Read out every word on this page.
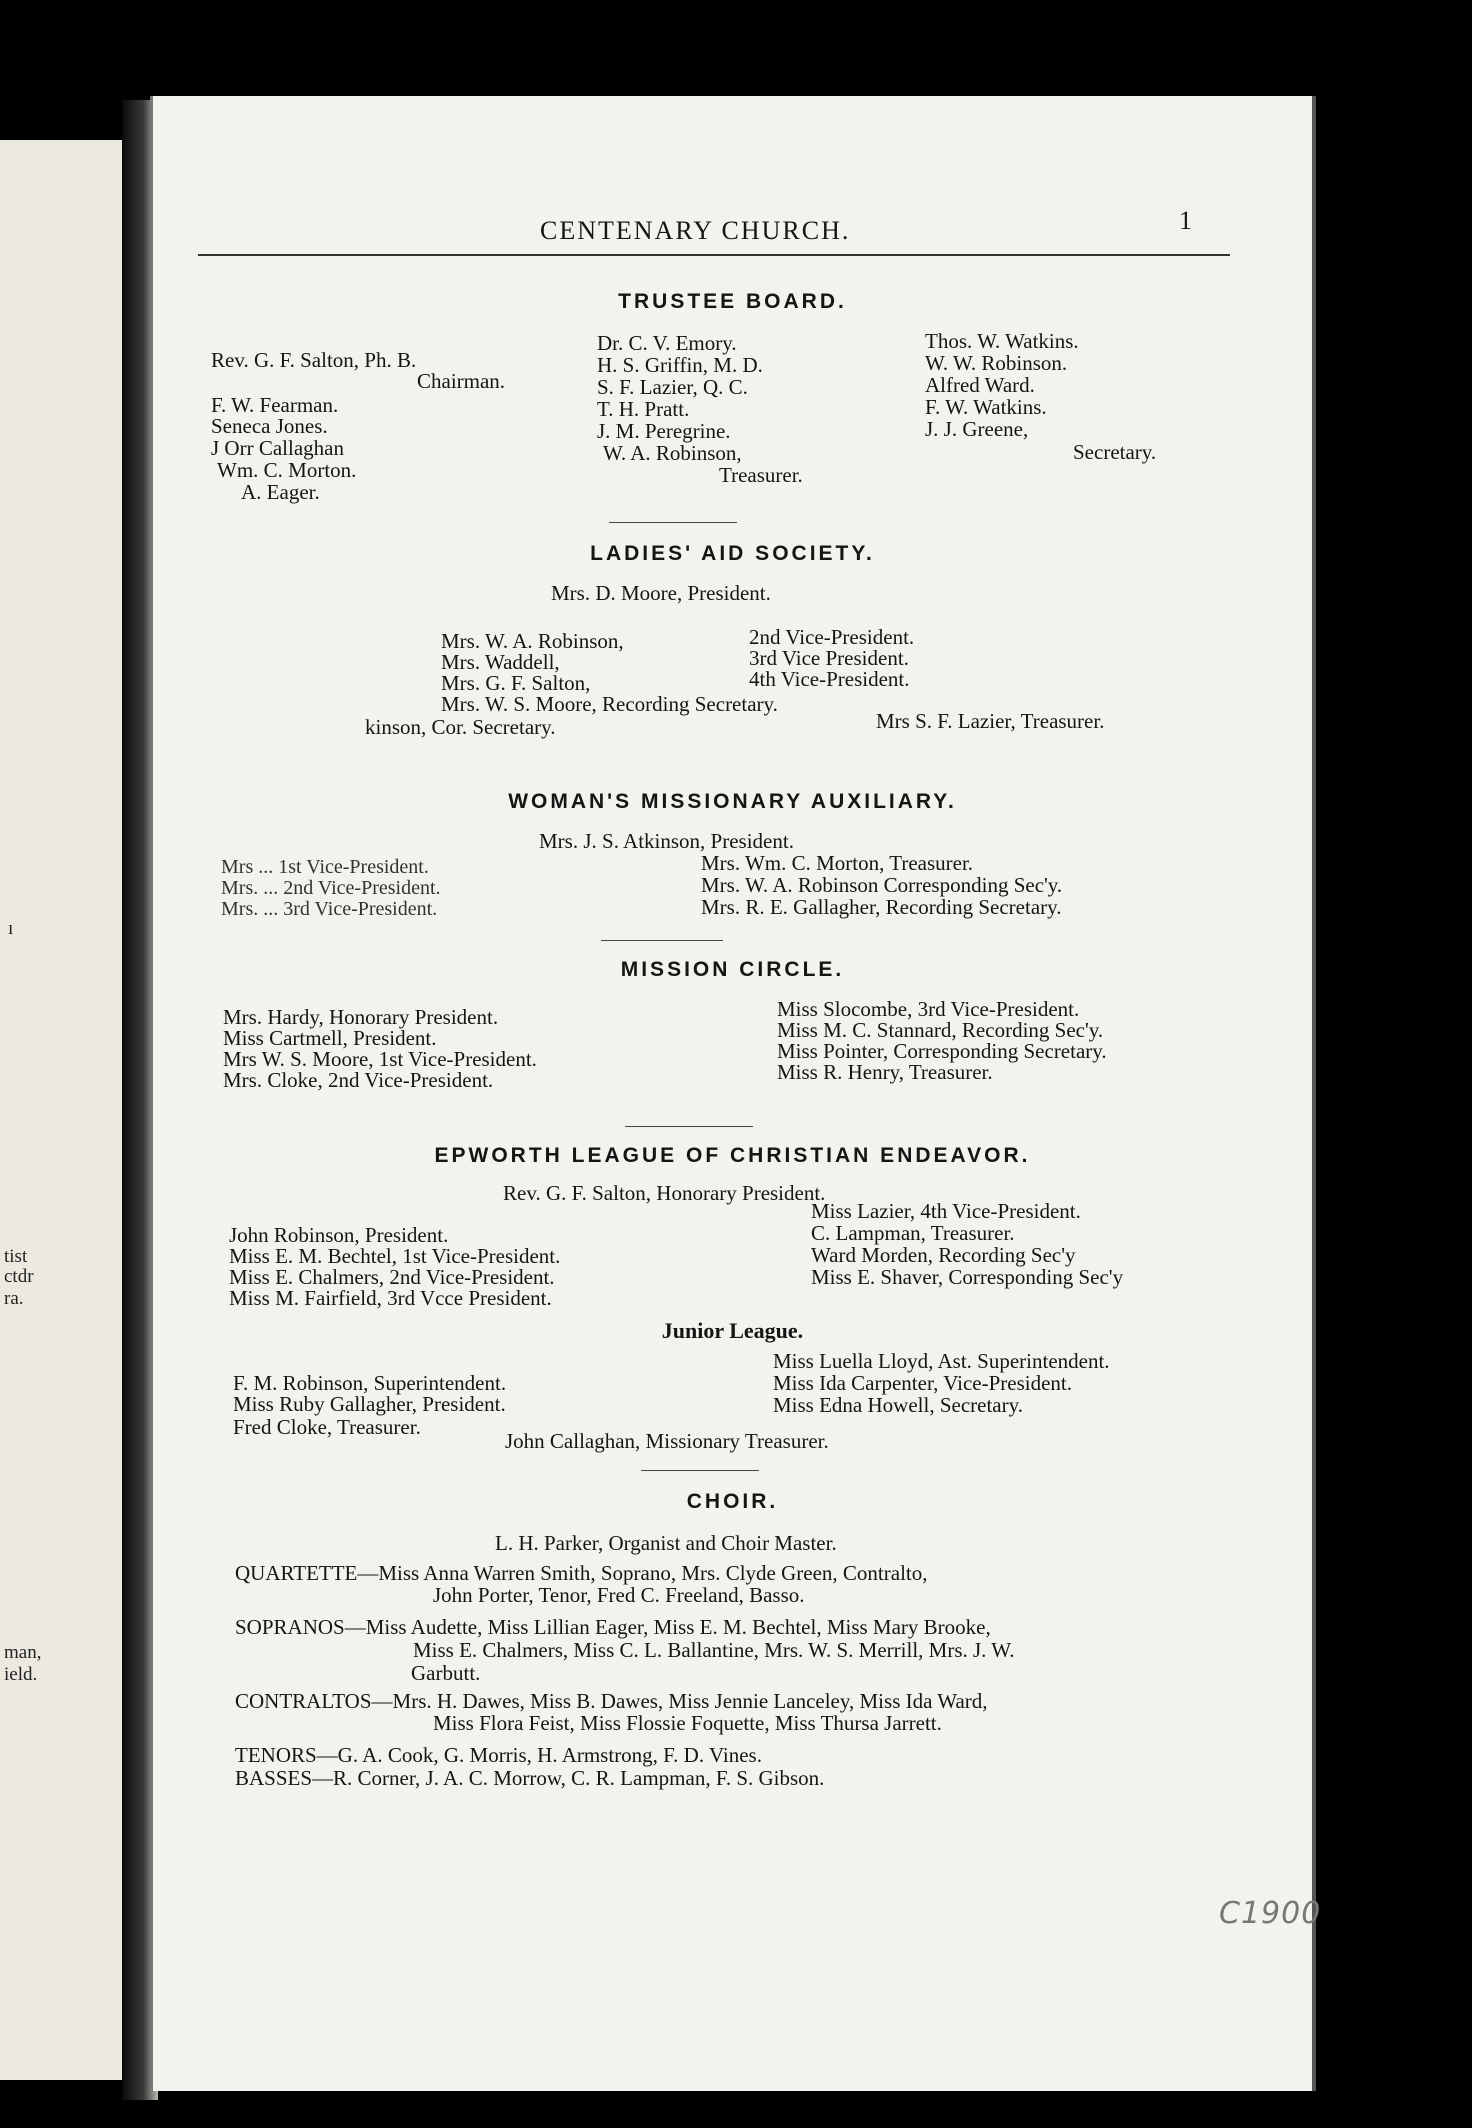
ı
tist
ctdr
ra.
man,
ield.
CENTENARY CHURCH.	1
TRUSTEE BOARD.
Rev. G. F. Salton, Ph. B.
Chairman.
F. W. Fearman.
Seneca Jones.
J Orr Callaghan
Wm. C. Morton.
A. Eager.
Dr. C. V. Emory.
H. S. Griffin, M. D.
S. F. Lazier, Q. C.
T. H. Pratt.
J. M. Peregrine.
W. A. Robinson,
Treasurer.
Thos. W. Watkins.
W. W. Robinson.
Alfred Ward.
F. W. Watkins.
J. J. Greene,
Secretary.
LADIES' AID SOCIETY.
Mrs. D. Moore, President.
Mrs. W. A. Robinson,	2nd Vice-President.
Mrs. Waddell,	3rd Vice President.
Mrs. G. F. Salton,	4th Vice-President.
Mrs. W. S. Moore, Recording Secretary.
kinson, Cor. Secretary.	Mrs S. F. Lazier, Treasurer.
WOMAN'S MISSIONARY AUXILIARY.
Mrs. J. S. Atkinson, President.
Mrs ... 1st Vice-President.
Mrs. ... 2nd Vice-President.
Mrs. ... 3rd Vice-President.
Mrs. Wm. C. Morton, Treasurer.
Mrs. W. A. Robinson Corresponding Sec'y.
Mrs. R. E. Gallagher, Recording Secretary.
MISSION CIRCLE.
Mrs. Hardy, Honorary President.
Miss Cartmell, President.
Mrs W. S. Moore, 1st Vice-President.
Mrs. Cloke, 2nd Vice-President.
Miss Slocombe, 3rd Vice-President.
Miss M. C. Stannard, Recording Sec'y.
Miss Pointer, Corresponding Secretary.
Miss R. Henry, Treasurer.
EPWORTH LEAGUE OF CHRISTIAN ENDEAVOR.
Rev. G. F. Salton, Honorary President.
John Robinson, President.
Miss E. M. Bechtel, 1st Vice-President.
Miss E. Chalmers, 2nd Vice-President.
Miss M. Fairfield, 3rd Vcce President.
Miss Lazier, 4th Vice-President.
C. Lampman, Treasurer.
Ward Morden, Recording Sec'y
Miss E. Shaver, Corresponding Sec'y
Junior League.
F. M. Robinson, Superintendent.
Miss Ruby Gallagher, President.
Fred Cloke, Treasurer.
Miss Luella Lloyd, Ast. Superintendent.
Miss Ida Carpenter, Vice-President.
Miss Edna Howell, Secretary.
John Callaghan, Missionary Treasurer.
CHOIR.
L. H. Parker, Organist and Choir Master.
QUARTETTE—Miss Anna Warren Smith, Soprano, Mrs. Clyde Green, Contralto,
John Porter, Tenor, Fred C. Freeland, Basso.
SOPRANOS—Miss Audette, Miss Lillian Eager, Miss E. M. Bechtel, Miss Mary Brooke,
Miss E. Chalmers, Miss C. L. Ballantine, Mrs. W. S. Merrill, Mrs. J. W.
Garbutt.
CONTRALTOS—Mrs. H. Dawes, Miss B. Dawes, Miss Jennie Lanceley, Miss Ida Ward,
Miss Flora Feist, Miss Flossie Foquette, Miss Thursa Jarrett.
TENORS—G. A. Cook, G. Morris, H. Armstrong, F. D. Vines.
BASSES—R. Corner, J. A. C. Morrow, C. R. Lampman, F. S. Gibson.
C1900
